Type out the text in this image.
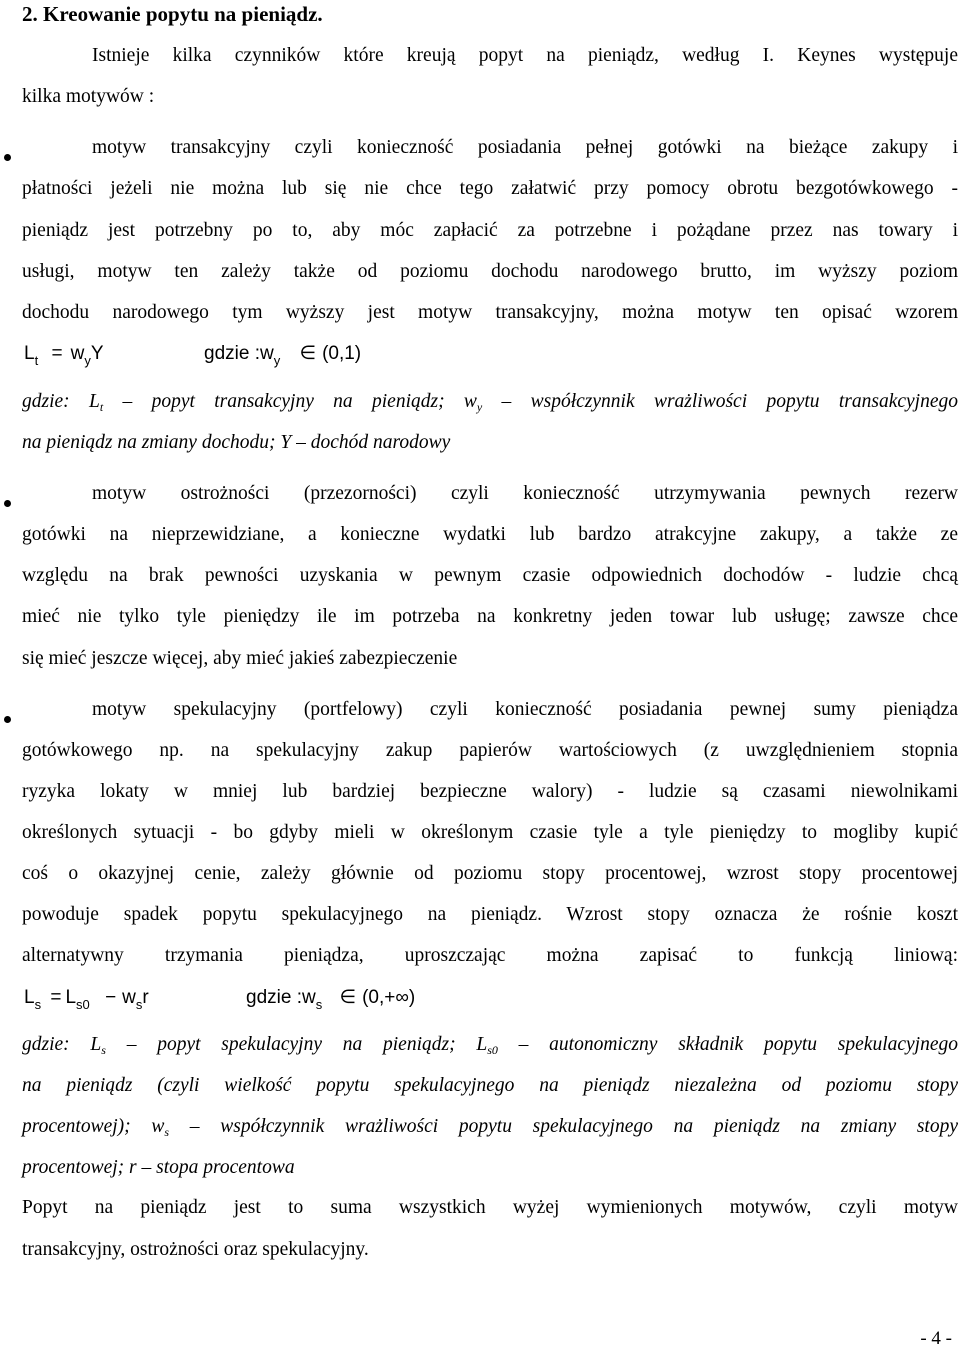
2. Kreowanie popytu na pieniądz.
Istnieje kilka czynników które kreują popyt na pieniądz, według I. Keynes występuje
kilka motywów :
motyw transakcyjny czyli konieczność posiadania pełnej gotówki na bieżące zakupy i
płatności jeżeli nie można lub się nie chce tego załatwić przy pomocy obrotu bezgotówkowego -
pieniądz jest potrzebny po to, aby móc zapłacić za potrzebne i pożądane przez nas towary i
usługi, motyw ten zależy także od poziomu dochodu narodowego brutto, im wyższy poziom
dochodu narodowego tym wyższy jest motyw transakcyjny, można motyw ten opisać wzorem
$L_t = w_yY$	gdzie $:w_y$ ∈ (0,1)
gdzie: $L_t$ – popyt transakcyjny na pieniądz; $w_y$ – współczynnik wrażliwości popytu transakcyjnego
na pieniądz na zmiany dochodu; Y – dochód narodowy
motyw ostrożności (przezorności) czyli konieczność utrzymywania pewnych rezerw
gotówki na nieprzewidziane, a konieczne wydatki lub bardzo atrakcyjne zakupy, a także ze
względu na brak pewności uzyskania w pewnym czasie odpowiednich dochodów - ludzie chcą
mieć nie tylko tyle pieniędzy ile im potrzeba na konkretny jeden towar lub usługę; zawsze chce
się mieć jeszcze więcej, aby mieć jakieś zabezpieczenie
motyw spekulacyjny (portfelowy) czyli konieczność posiadania pewnej sumy pieniądza
gotówkowego np. na spekulacyjny zakup papierów wartościowych (z uwzględnieniem stopnia
ryzyka lokaty w mniej lub bardziej bezpieczne walory) - ludzie są czasami niewolnikami
określonych sytuacji - bo gdyby mieli w określonym czasie tyle a tyle pieniędzy to mogliby kupić
coś o okazyjnej cenie, zależy głównie od poziomu stopy procentowej, wzrost stopy procentowej
powoduje spadek popytu spekulacyjnego na pieniądz. Wzrost stopy oznacza że rośnie koszt
alternatywny trzymania pieniądza, uproszczając można zapisać to funkcją liniową:
$L_s = L_{s0} - w_sr$	gdzie $:w_s$ ∈ (0,+∞)
gdzie: $L_s$ – popyt spekulacyjny na pieniądz; $L_{s0}$ – autonomiczny składnik popytu spekulacyjnego
na pieniądz (czyli wielkość popytu spekulacyjnego na pieniądz niezależna od poziomu stopy
procentowej); $w_s$ – współczynnik wrażliwości popytu spekulacyjnego na pieniądz na zmiany stopy
procentowej; r – stopa procentowa
Popyt na pieniądz jest to suma wszystkich wyżej wymienionych motywów, czyli motyw
transakcyjny, ostrożności oraz spekulacyjny.
- 4 -
